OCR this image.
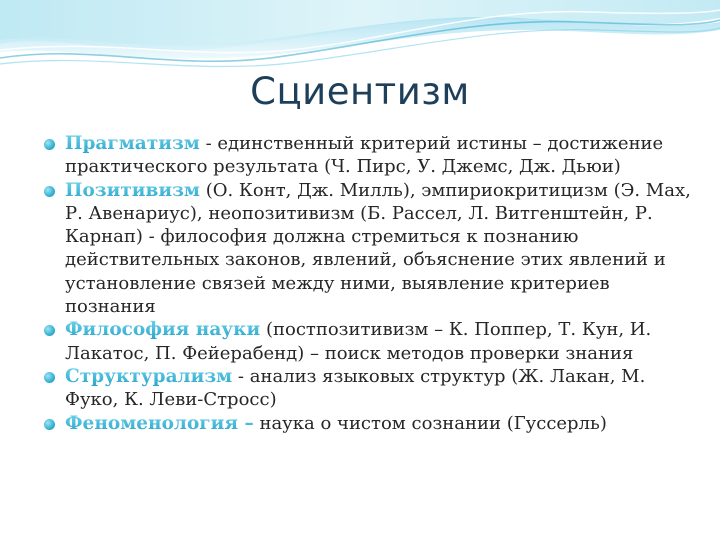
Сциентизм
Прагматизм - единственный критерий истины – достижение практического результата (Ч. Пирс, У. Джемс, Дж. Дьюи)
Позитивизм (О. Конт, Дж. Милль), эмпириокритицизм (Э. Мах, Р. Авенариус), неопозитивизм (Б. Рассел, Л. Витгенштейн, Р. Карнап) - философия должна стремиться к познанию действительных законов, явлений, объяснение этих явлений и установление связей между ними, выявление критериев познания
Философия науки (постпозитивизм – К. Поппер, Т. Кун, И. Лакатос, П. Фейерабенд) – поиск методов проверки знания
Структурализм - анализ языковых структур (Ж. Лакан, М. Фуко, К. Леви-Стросс)
Феноменология – наука о чистом сознании (Гуссерль)
